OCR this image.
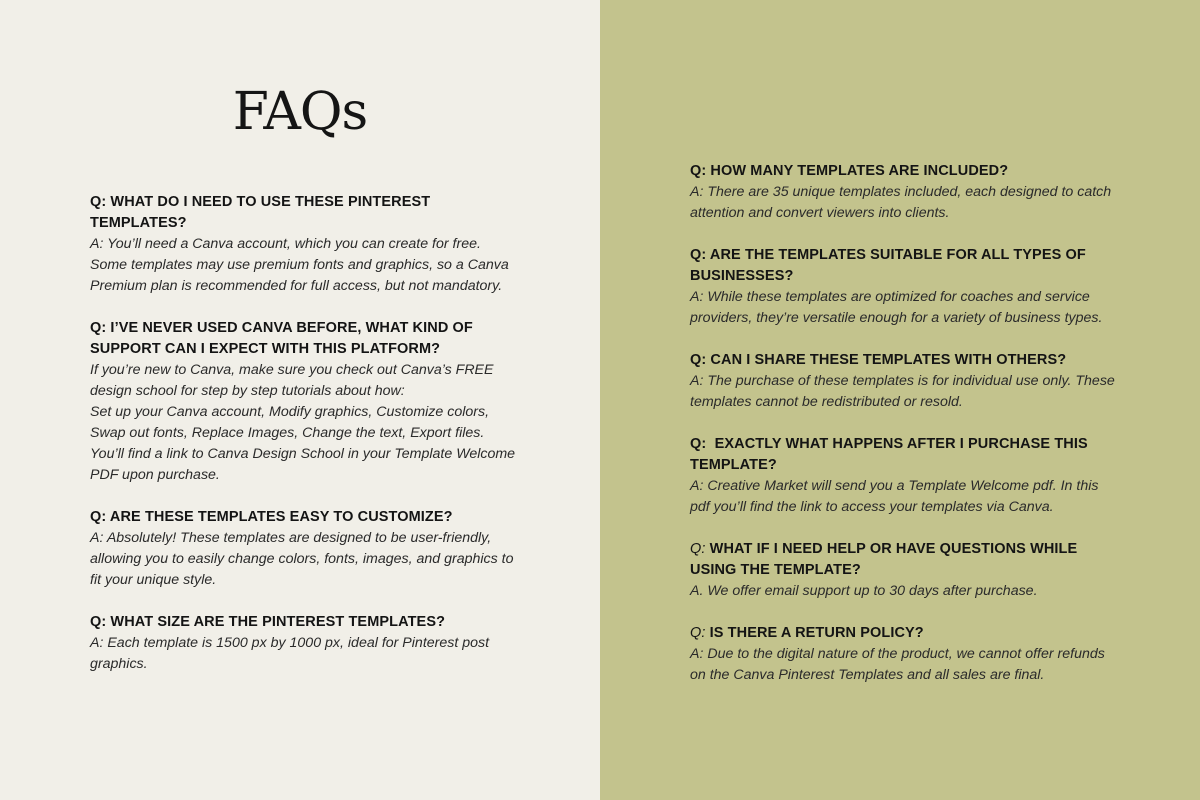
FAQs

Q: WHAT DO I NEED TO USE THESE PINTEREST TEMPLATES?

A: You’ll need a Canva account, which you can create for free. Some templates may use premium fonts and graphics, so a Canva Premium plan is recommended for full access, but not mandatory.

Q: I’VE NEVER USED CANVA BEFORE, WHAT KIND OF SUPPORT CAN I EXPECT WITH THIS PLATFORM?

If you’re new to Canva, make sure you check out Canva’s FREE design school for step by step tutorials about how:
Set up your Canva account, Modify graphics, Customize colors, Swap out fonts, Replace Images, Change the text, Export files.
You’ll find a link to Canva Design School in your Template Welcome PDF upon purchase.

Q: ARE THESE TEMPLATES EASY TO CUSTOMIZE?

A: Absolutely! These templates are designed to be user-friendly, allowing you to easily change colors, fonts, images, and graphics to fit your unique style.

Q: WHAT SIZE ARE THE PINTEREST TEMPLATES?

A: Each template is 1500 px by 1000 px, ideal for Pinterest post graphics.

Q: HOW MANY TEMPLATES ARE INCLUDED?

A: There are 35 unique templates included, each designed to catch attention and convert viewers into clients.

Q: ARE THE TEMPLATES SUITABLE FOR ALL TYPES OF BUSINESSES?

A: While these templates are optimized for coaches and service providers, they’re versatile enough for a variety of business types.

Q: CAN I SHARE THESE TEMPLATES WITH OTHERS?

A: The purchase of these templates is for individual use only. These templates cannot be redistributed or resold.

Q: EXACTLY WHAT HAPPENS AFTER I PURCHASE THIS TEMPLATE?

A: Creative Market will send you a Template Welcome pdf. In this pdf you’ll find the link to access your templates via Canva.

Q: WHAT IF I NEED HELP OR HAVE QUESTIONS WHILE USING THE TEMPLATE?

A. We offer email support up to 30 days after purchase.

Q: IS THERE A RETURN POLICY?

A: Due to the digital nature of the product, we cannot offer refunds on the Canva Pinterest Templates and all sales are final.
